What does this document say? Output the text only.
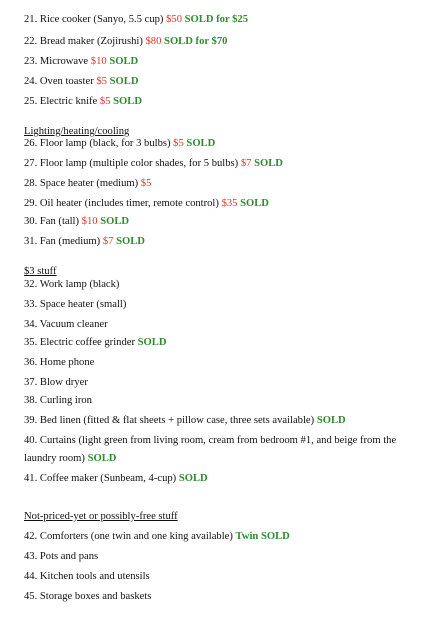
21. Rice cooker (Sanyo, 5.5 cup) $50 SOLD for $25
22. Bread maker (Zojirushi) $80 SOLD for $70
23. Microwave $10 SOLD
24. Oven toaster $5 SOLD
25. Electric knife $5 SOLD
Lighting/heating/cooling
26. Floor lamp (black, for 3 bulbs) $5 SOLD
27. Floor lamp (multiple color shades, for 5 bulbs) $7 SOLD
28. Space heater (medium) $5
29. Oil heater (includes timer, remote control) $35 SOLD
30. Fan (tall) $10 SOLD
31. Fan (medium) $7 SOLD
$3 stuff
32. Work lamp (black)
33. Space heater (small)
34. Vacuum cleaner
35. Electric coffee grinder SOLD
36. Home phone
37. Blow dryer
38. Curling iron
39. Bed linen (fitted & flat sheets + pillow case, three sets available) SOLD
40. Curtains (light green from living room, cream from bedroom #1, and beige from the
laundry room) SOLD
41. Coffee maker (Sunbeam, 4-cup) SOLD
Not-priced-yet or possibly-free stuff
42. Comforters (one twin and one king available) Twin SOLD
43. Pots and pans
44. Kitchen tools and utensils
45. Storage boxes and baskets
